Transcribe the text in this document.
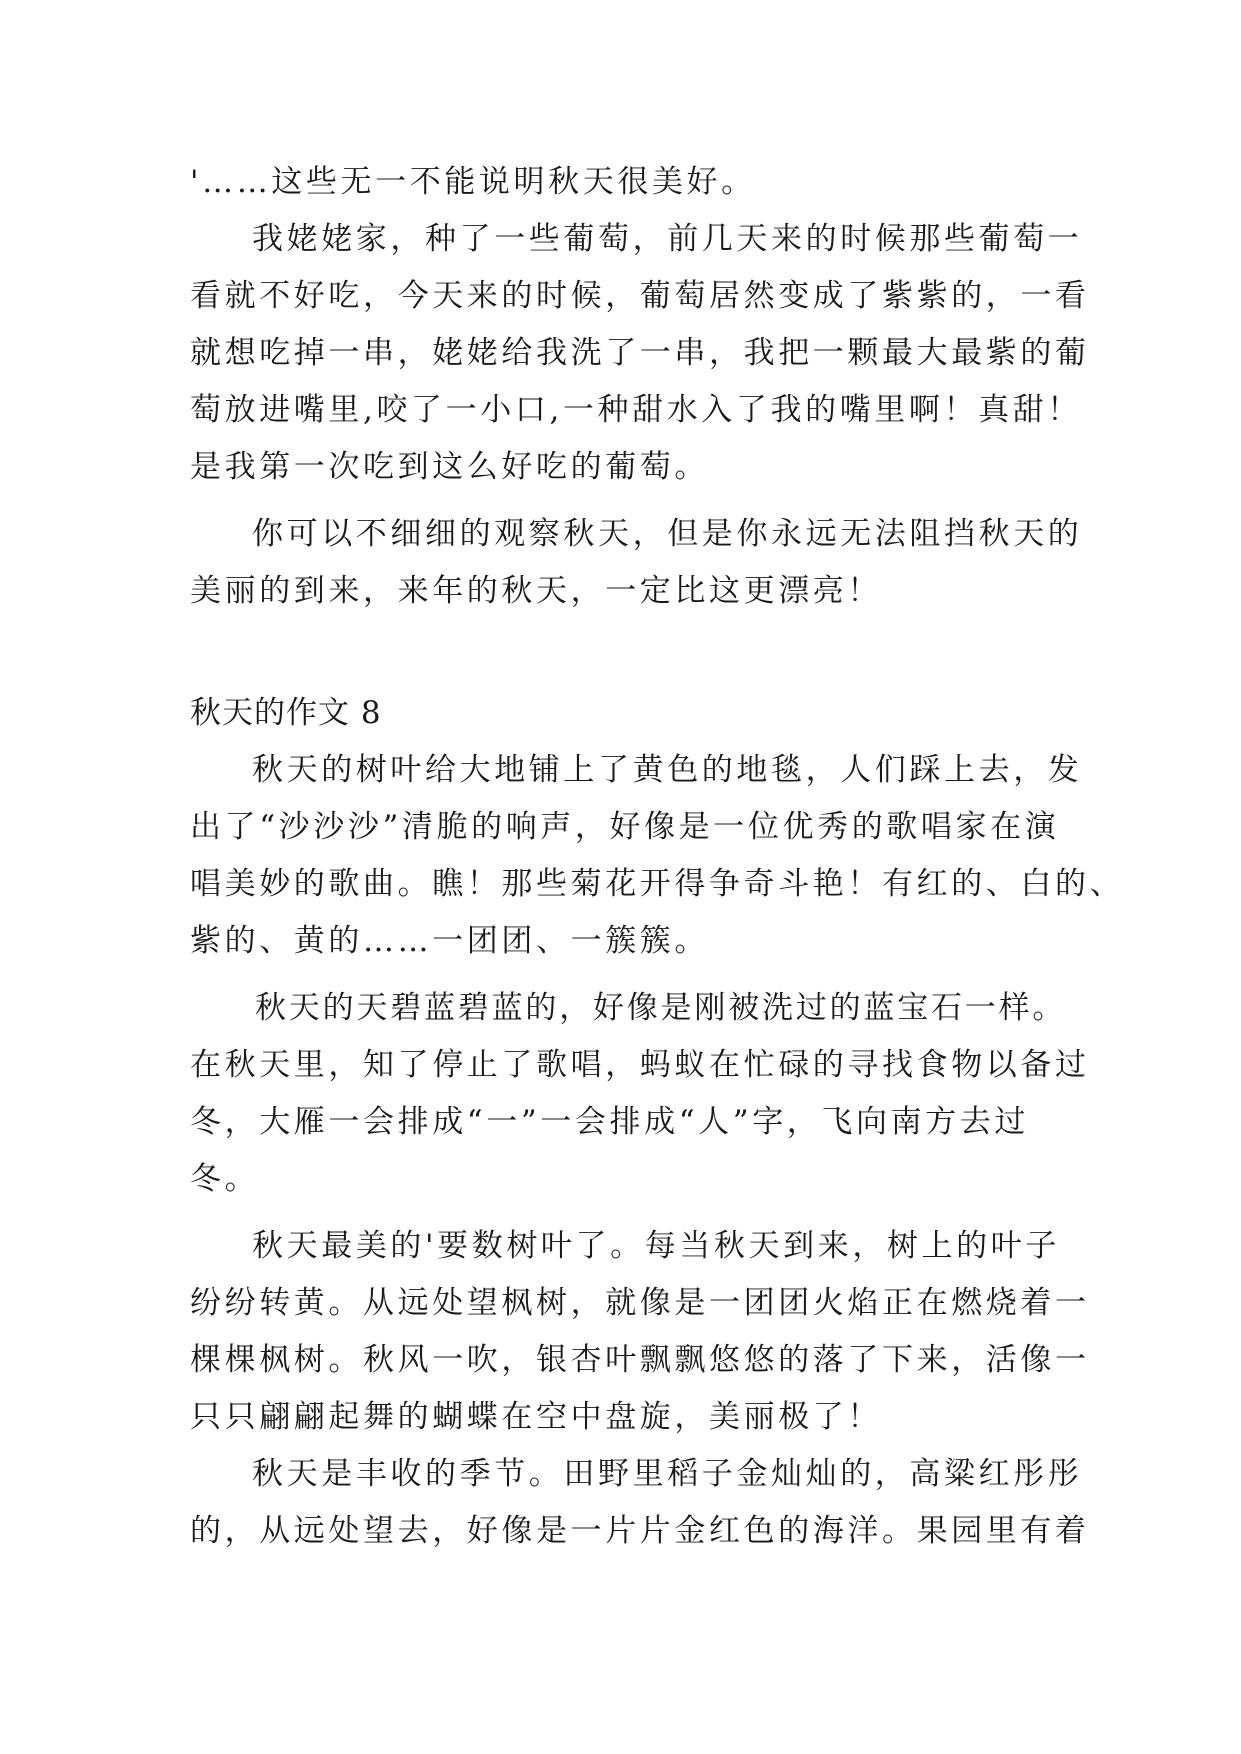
'……这些无一不能说明秋天很美好。

我姥姥家，种了一些葡萄，前几天来的时候那些葡萄一

看就不好吃，今天来的时候，葡萄居然变成了紫紫的，一看

就想吃掉一串，姥姥给我洗了一串，我把一颗最大最紫的葡

萄放进嘴里,咬了一小口,一种甜水入了我的嘴里啊！真甜！

是我第一次吃到这么好吃的葡萄。

你可以不细细的观察秋天，但是你永远无法阻挡秋天的

美丽的到来，来年的秋天，一定比这更漂亮！

秋天的作文 8

秋天的树叶给大地铺上了黄色的地毯，人们踩上去，发

出了“沙沙沙”清脆的响声，好像是一位优秀的歌唱家在演

唱美妙的歌曲。瞧！那些菊花开得争奇斗艳！有红的、白的、

紫的、黄的……一团团、一簇簇。

秋天的天碧蓝碧蓝的，好像是刚被洗过的蓝宝石一样。

在秋天里，知了停止了歌唱，蚂蚁在忙碌的寻找食物以备过

冬，大雁一会排成“一”一会排成“人”字，飞向南方去过

冬。

秋天最美的'要数树叶了。每当秋天到来，树上的叶子

纷纷转黄。从远处望枫树，就像是一团团火焰正在燃烧着一

棵棵枫树。秋风一吹，银杏叶飘飘悠悠的落了下来，活像一

只只翩翩起舞的蝴蝶在空中盘旋，美丽极了！

秋天是丰收的季节。田野里稻子金灿灿的，高粱红彤彤

的，从远处望去，好像是一片片金红色的海洋。果园里有着
